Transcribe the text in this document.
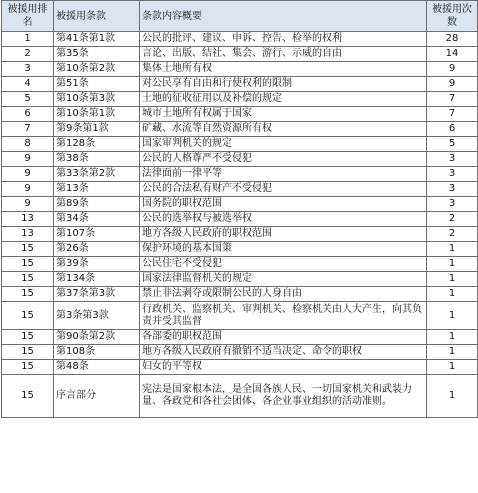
被援用排名	被援用条款	条款内容概要	被援用次数
1	第41条第1款	公民的批评、建议、申诉、控告、检举的权利	28
2	第35条	言论、出版、结社、集会、游行、示威的自由	14
3	第10条第2款	集体土地所有权	9
4	第51条	对公民享有自由和行使权利的限制	9
5	第10条第3款	土地的征收征用以及补偿的规定	7
6	第10条第1款	城市土地所有权属于国家	7
7	第9条第1款	矿藏、水流等自然资源所有权	6
8	第128条	国家审判机关的规定	5
9	第38条	公民的人格尊严不受侵犯	3
9	第33条第2款	法律面前一律平等	3
9	第13条	公民的合法私有财产不受侵犯	3
9	第89条	国务院的职权范围	3
13	第34条	公民的选举权与被选举权	2
13	第107条	地方各级人民政府的职权范围	2
15	第26条	保护环境的基本国策	1
15	第39条	公民住宅不受侵犯	1
15	第134条	国家法律监督机关的规定	1
15	第37条第3款	禁止非法剥夺或限制公民的人身自由	1
15	第3条第3款	行政机关、监察机关、审判机关、检察机关由人大产生，向其负责并受其监督	1
15	第90条第2款	各部委的职权范围	1
15	第108条	地方各级人民政府有撤销不适当决定、命令的职权	1
15	第48条	妇女的平等权	1
15	序言部分	宪法是国家根本法，是全国各族人民、一切国家机关和武装力量、各政党和各社会团体、各企业事业组织的活动准则。	1
